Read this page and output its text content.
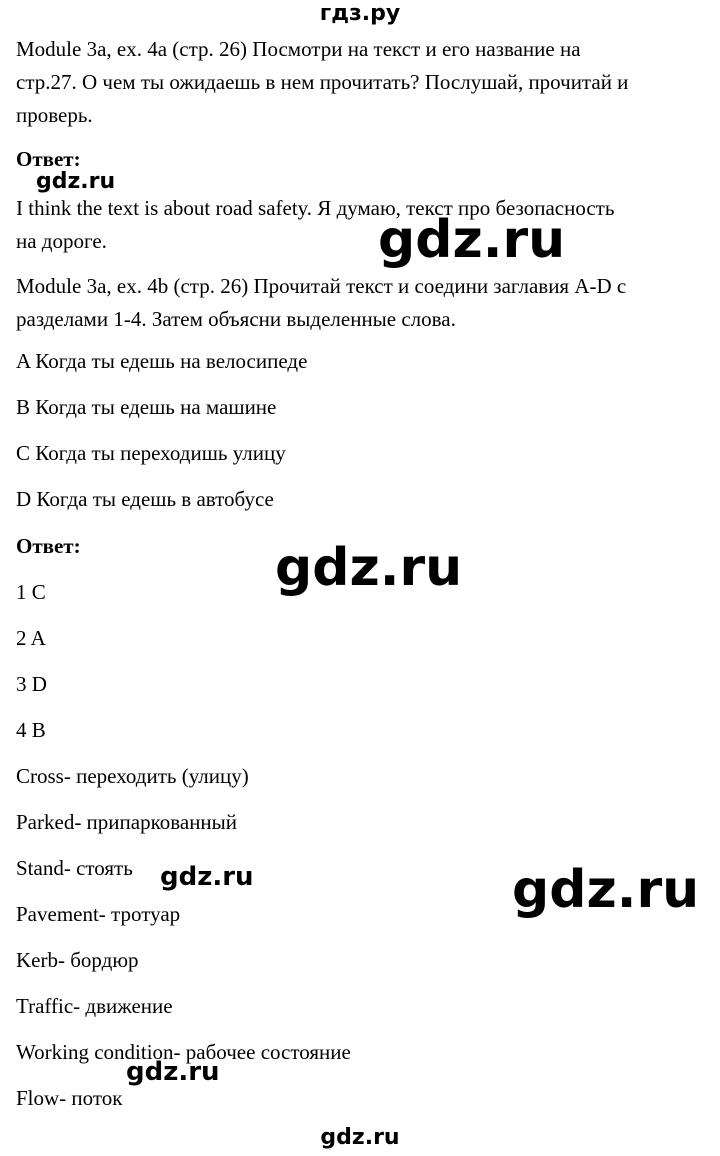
гдз.ру
Module 3a, ex. 4a (стр. 26) Посмотри на текст и его название на
стр.27. О чем ты ожидаешь в нем прочитать? Послушай, прочитай и
проверь.
Ответ:
gdz.ru
I think the text is about road safety. Я думаю, текст про безопасность
на дороге.	gdz.ru
Module 3a, ex. 4b (стр. 26) Прочитай текст и соедини заглавия A-D с
разделами 1-4. Затем объясни выделенные слова.
A Когда ты едешь на велосипеде
B Когда ты едешь на машине
C Когда ты переходишь улицу
D Когда ты едешь в автобусе
Ответ:	gdz.ru
1 C
2 A
3 D
4 B
Cross- переходить (улицу)
Parked- припаркованный
Stand- стоять gdz.ru	gdz.ru
Pavement- тротуар
Kerb- бордюр
Traffic- движение
Working condition- рабочее состояние
gdz.ru
Flow- поток
gdz.ru
